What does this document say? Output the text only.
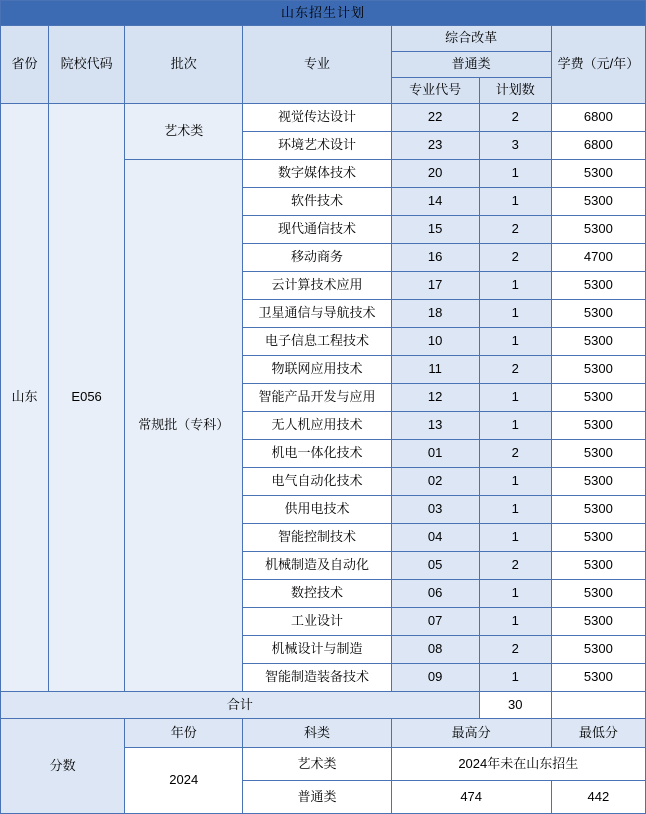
山东招生计划						
省份	院校代码	批次	专业	综合改革		学费（元/年）
				普通类		
				专业代号	计划数	
山东	E056	艺术类	视觉传达设计	22	2	6800
			环境艺术设计	23	3	6800
		常规批（专科）	数字媒体技术	20	1	5300
			软件技术	14	1	5300
			现代通信技术	15	2	5300
			移动商务	16	2	4700
			云计算技术应用	17	1	5300
			卫星通信与导航技术	18	1	5300
			电子信息工程技术	10	1	5300
			物联网应用技术	11	2	5300
			智能产品开发与应用	12	1	5300
			无人机应用技术	13	1	5300
			机电一体化技术	01	2	5300
			电气自动化技术	02	1	5300
			供用电技术	03	1	5300
			智能控制技术	04	1	5300
			机械制造及自动化	05	2	5300
			数控技术	06	1	5300
			工业设计	07	1	5300
			机械设计与制造	08	2	5300
			智能制造装备技术	09	1	5300
合计					30	
分数		年份	科类	最高分		最低分
		2024	艺术类	2024年未在山东招生		
			普通类	474		442
